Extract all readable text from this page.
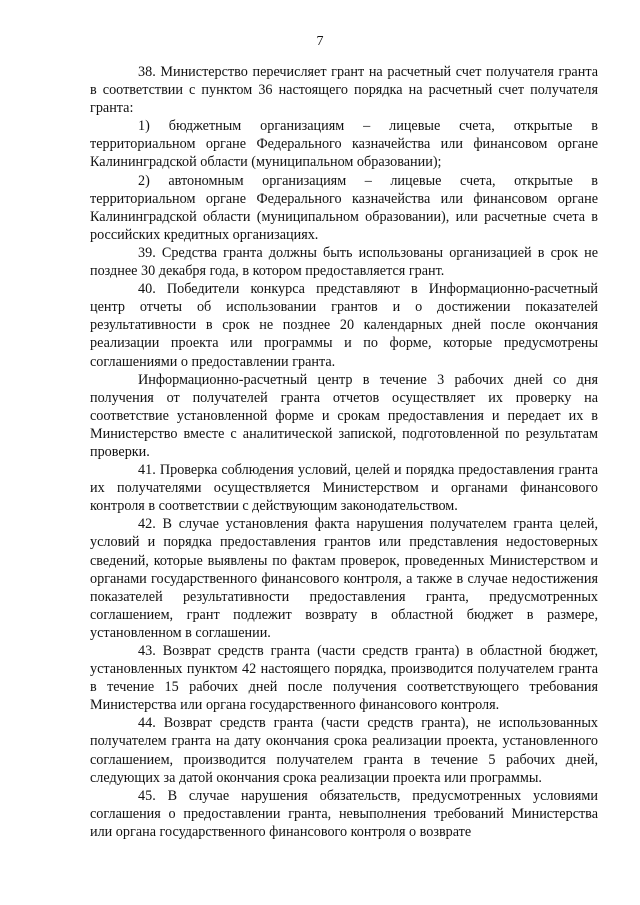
7

38. Министерство перечисляет грант на расчетный счет получателя гранта в соответствии с пунктом 36 настоящего порядка на расчетный счет получателя гранта:

1) бюджетным организациям – лицевые счета, открытые в территориальном органе Федерального казначейства или финансовом органе Калининградской области (муниципальном образовании);

2) автономным организациям – лицевые счета, открытые в территориальном органе Федерального казначейства или финансовом органе Калининградской области (муниципальном образовании), или расчетные счета в российских кредитных организациях.

39. Средства гранта должны быть использованы организацией в срок не позднее 30 декабря года, в котором предоставляется грант.

40. Победители конкурса представляют в Информационно-расчетный центр отчеты об использовании грантов и о достижении показателей результативности в срок не позднее 20 календарных дней после окончания реализации проекта или программы и по форме, которые предусмотрены соглашениями о предоставлении гранта.

Информационно-расчетный центр в течение 3 рабочих дней со дня получения от получателей гранта отчетов осуществляет их проверку на соответствие установленной форме и срокам предоставления и передает их в Министерство вместе с аналитической запиской, подготовленной по результатам проверки.

41. Проверка соблюдения условий, целей и порядка предоставления гранта их получателями осуществляется Министерством и органами финансового контроля в соответствии с действующим законодательством.

42. В случае установления факта нарушения получателем гранта целей, условий и порядка предоставления грантов или представления недостоверных сведений, которые выявлены по фактам проверок, проведенных Министерством и органами государственного финансового контроля, а также в случае недостижения показателей результативности предоставления гранта, предусмотренных соглашением, грант подлежит возврату в областной бюджет в размере, установленном в соглашении.

43. Возврат средств гранта (части средств гранта) в областной бюджет, установленных пунктом 42 настоящего порядка, производится получателем гранта в течение 15 рабочих дней после получения соответствующего требования Министерства или органа государственного финансового контроля.

44. Возврат средств гранта (части средств гранта), не использованных получателем гранта на дату окончания срока реализации проекта, установленного соглашением, производится получателем гранта в течение 5 рабочих дней, следующих за датой окончания срока реализации проекта или программы.

45. В случае нарушения обязательств, предусмотренных условиями соглашения о предоставлении гранта, невыполнения требований Министерства или органа государственного финансового контроля о возврате
